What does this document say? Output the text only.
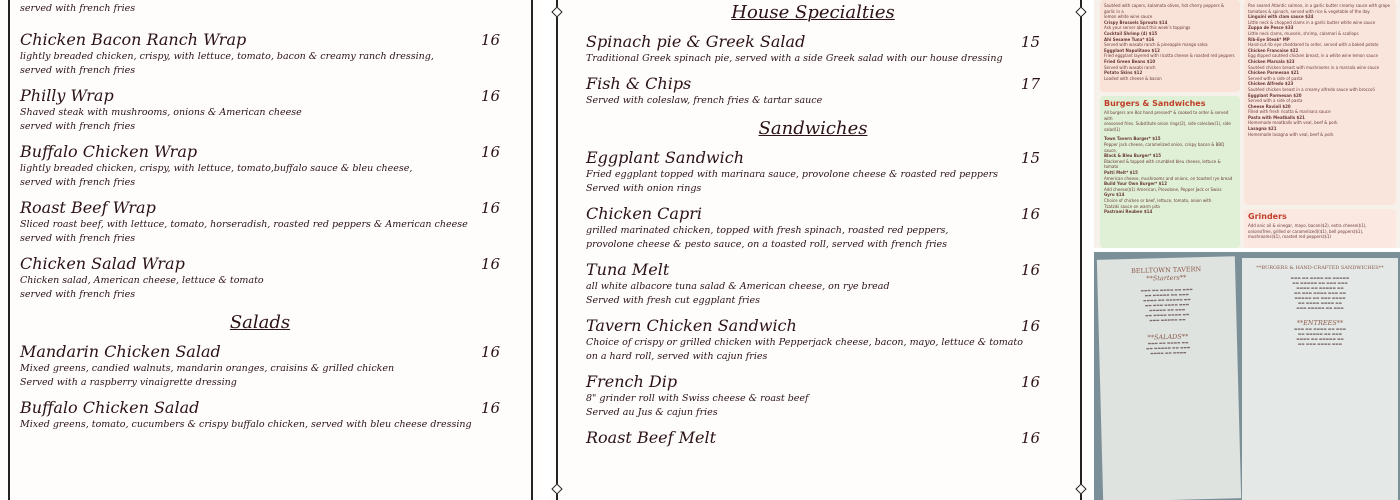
served with french fries
Chicken Bacon Ranch Wrap	16
lightly breaded chicken, crispy, with lettuce, tomato, bacon & creamy ranch dressing,
served with french fries
Philly Wrap	16
Shaved steak with mushrooms, onions & American cheese
served with french fries
Buffalo Chicken Wrap	16
lightly breaded chicken, crispy, with lettuce, tomato,buffalo sauce & bleu cheese,
served with french fries
Roast Beef Wrap	16
Sliced roast beef, with lettuce, tomato, horseradish, roasted red peppers & American cheese
served with french fries
Chicken Salad Wrap	16
Chicken salad, American cheese, lettuce & tomato
served with french fries
Salads
Mandarin Chicken Salad	16
Mixed greens, candied walnuts, mandarin oranges, craisins & grilled chicken
Served with a raspberry vinaigrette dressing
Buffalo Chicken Salad	16
Mixed greens, tomato, cucumbers & crispy buffalo chicken, served with bleu cheese dressing
House Specialties
Spinach pie & Greek Salad	15
Traditional Greek spinach pie, served with a side Greek salad with our house dressing
Fish & Chips	17
Served with coleslaw, french fries & tartar sauce
Sandwiches
Eggplant Sandwich	15
Fried eggplant topped with marinara sauce, provolone cheese & roasted red peppers
Served with onion rings
Chicken Capri	16
grilled marinated chicken, topped with fresh spinach, roasted red peppers,
provolone cheese & pesto sauce, on a toasted roll, served with french fries
Tuna Melt	16
all white albacore tuna salad & American cheese, on rye bread
Served with fresh cut eggplant fries
Tavern Chicken Sandwich	16
Choice of crispy or grilled chicken with Pepperjack cheese, bacon, mayo, lettuce & tomato
on a hard roll, served with cajun fries
French Dip	16
8" grinder roll with Swiss cheese & roast beef
Served au Jus & cajun fries
Roast Beef Melt	16
Sautéed with capers, kalamata olives, hot cherry peppers & garlic in a
lemon white wine sauce
Crispy Brussels Sprouts $14
Ask your server about this week's toppings
Cocktail Shrimp (4) $15
Ahi Sesame Tuna* $16
Served with wasabi ranch & pineapple mango salsa
Eggplant Napolitano $12
Fried eggplant layered with ricotta cheese & roasted red peppers
Fried Green Beans $10
Served with wasabi ranch
Potato Skins $12
Loaded with cheese & bacon
Burgers & Sandwiches
All burgers are 8oz hand pressed* & cooked to order & served with
seasoned fries. Substitute onion rings(2), side coleslaw(1), side salad(1)
Town Tavern Burger* $15
Pepper jack cheese, caramelized onion, crispy bacon & BBQ sauce,
Black & Bleu Burger* $15
Blackened & topped with crumbled bleu cheese, lettuce & tomato
Patti Melt* $15
American cheese, mushrooms and onions, on toasted rye bread
Build Your Own Burger* $12
Add cheese($1) American, Provolone, Pepper Jack or Swiss
Gyro $14
Choice of chicken or beef, lettuce, tomato, onion with
Tzatziki sauce on warm pita
Pastrami Reuben $14
Pan seared Atlantic salmon, in a garlic butter creamy sauce with grape
tomatoes & spinach, served with rice & vegetable of the day
Linguini with clam sauce $24
Little neck & chopped clams in a garlic butter white wine sauce
Zuppa de Pesce $33
Little neck clams, mussels, shrimp, calamari & scallops
Rib-Eye Steak* MP
Hand-cut rib eye cheddared to order, served with a baked potato
Chicken Francaise $22
Egg dipped sautéed chicken breast, in a white wine lemon sauce
Chicken Marsala $23
Sautéed chicken breast with mushrooms in a marsala wine sauce
Chicken Parmesan $21
Served with a side of pasta
Chicken Alfredo $23
Sautéed chicken breast in a creamy alfredo sauce with broccoli
Eggplant Parmesan $20
Served with a side of pasta
Cheese Ravioli $20
Filled with fresh ricotta & marinara sauce
Pasta with Meatballs $21
Homemade meatballs with veal, beef & pork
Lasagna $21
Homemade lasagna with veal, beef & pork
Grinders
Add onic oil & vinegar, mayo, bacon($2), extra cheese($1),
onions(free, grilled or caramelized)($1), bell peppers($1),
mushrooms($1), roasted red peppers($1)
BELLTOWN TAVERN
**Starters**
▬▬▬ ▬▬ ▬▬▬▬ ▬▬ ▬▬▬
▬▬ ▬▬▬▬▬ ▬▬ ▬▬▬
▬▬▬▬ ▬▬ ▬▬▬▬▬ ▬▬
▬▬ ▬▬▬ ▬▬▬▬ ▬▬▬
▬▬▬▬▬ ▬▬ ▬▬▬
▬▬ ▬▬▬▬ ▬▬▬▬ ▬▬
▬▬▬ ▬▬▬▬▬ ▬▬
**SALADS**
▬▬▬ ▬▬ ▬▬▬▬ ▬▬
▬▬ ▬▬▬▬▬ ▬▬ ▬▬▬
▬▬▬▬ ▬▬ ▬▬▬▬
**BURGERS & HAND-CRAFTED SANDWICHES**
▬▬▬ ▬▬ ▬▬▬▬ ▬▬ ▬▬▬▬▬
▬▬ ▬▬▬▬▬ ▬▬ ▬▬▬ ▬▬▬
▬▬▬▬ ▬▬ ▬▬▬▬▬ ▬▬
▬▬ ▬▬▬ ▬▬▬▬ ▬▬▬ ▬▬
▬▬▬▬▬ ▬▬ ▬▬▬ ▬▬▬▬
▬▬ ▬▬▬▬ ▬▬▬▬ ▬▬
▬▬▬ ▬▬▬▬▬ ▬▬ ▬▬▬
**ENTREES**
▬▬▬ ▬▬ ▬▬▬▬ ▬▬ ▬▬▬
▬▬ ▬▬▬▬▬ ▬▬ ▬▬▬
▬▬▬▬ ▬▬ ▬▬▬▬▬ ▬▬
▬▬ ▬▬▬ ▬▬▬▬ ▬▬▬
